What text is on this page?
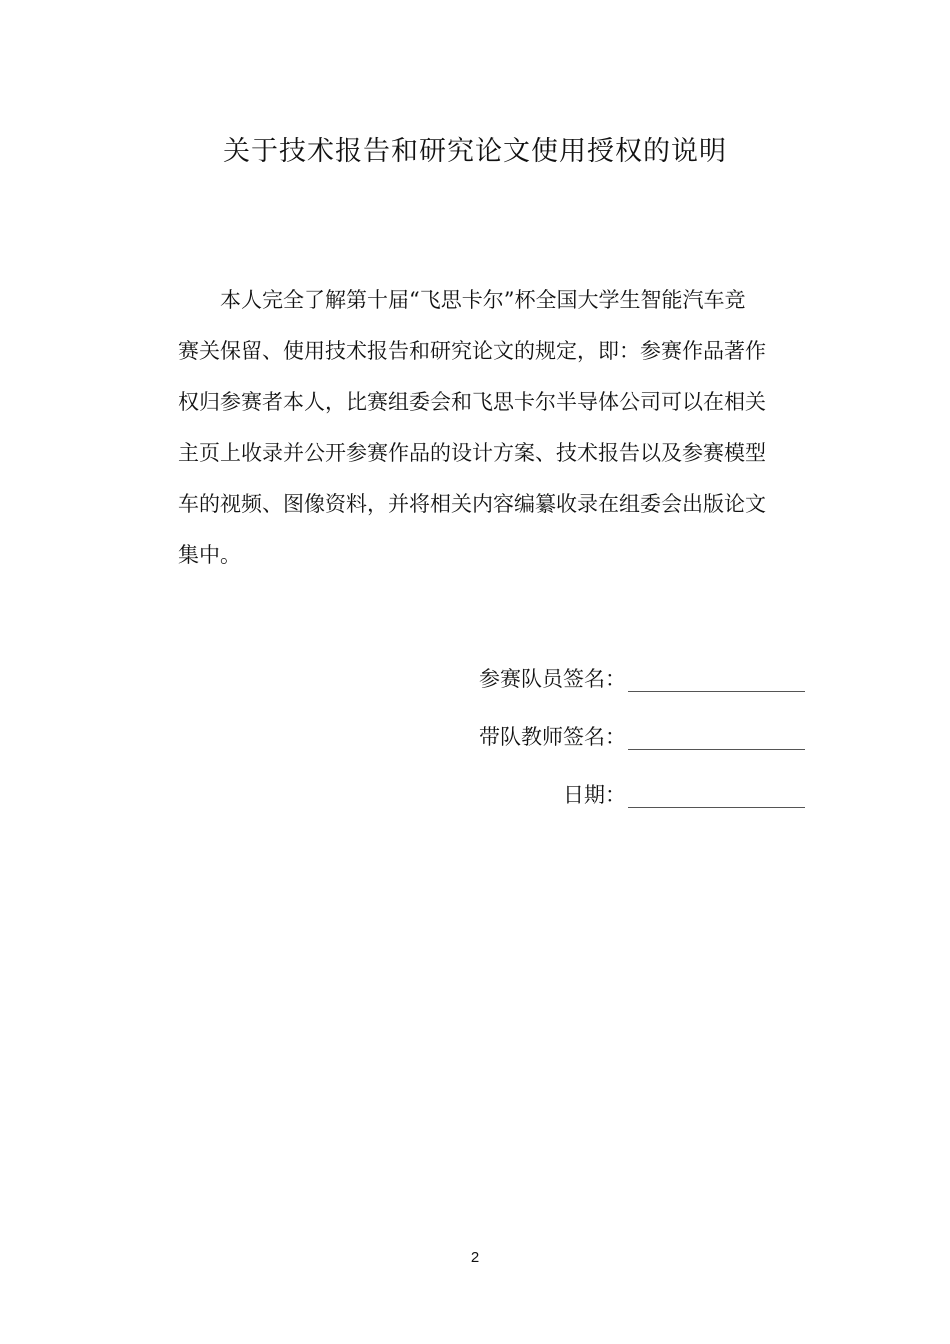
关于技术报告和研究论文使用授权的说明
　　本人完全了解第十届“飞思卡尔”杯全国大学生智能汽车竞
赛关保留、使用技术报告和研究论文的规定，即：参赛作品著作
权归参赛者本人，比赛组委会和飞思卡尔半导体公司可以在相关
主页上收录并公开参赛作品的设计方案、技术报告以及参赛模型
车的视频、图像资料，并将相关内容编纂收录在组委会出版论文
集中。
参赛队员签名：
带队教师签名：
日期：
2
